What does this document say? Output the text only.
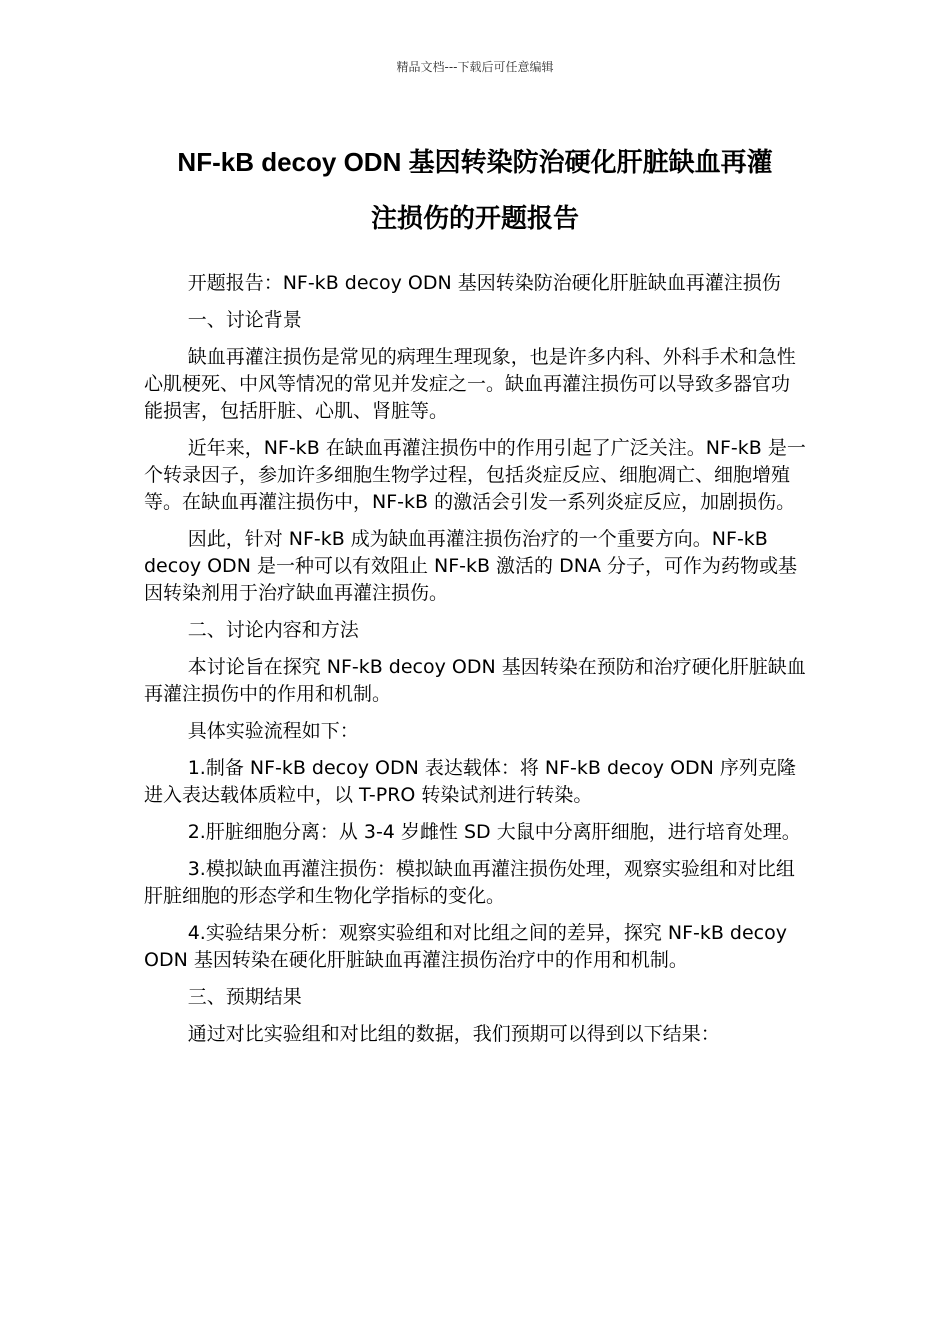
精品文档---下载后可任意编辑
NF-kB decoy ODN 基因转染防治硬化肝脏缺血再灌
注损伤的开题报告

开题报告：NF-kB decoy ODN 基因转染防治硬化肝脏缺血再灌注损伤

一、讨论背景

缺血再灌注损伤是常见的病理生理现象，也是许多内科、外科手术和急性心肌梗死、中风等情况的常见并发症之一。缺血再灌注损伤可以导致多器官功能损害，包括肝脏、心肌、肾脏等。

近年来，NF-kB 在缺血再灌注损伤中的作用引起了广泛关注。NF-kB 是一个转录因子，参加许多细胞生物学过程，包括炎症反应、细胞凋亡、细胞增殖等。在缺血再灌注损伤中，NF-kB 的激活会引发一系列炎症反应，加剧损伤。

因此，针对 NF-kB 成为缺血再灌注损伤治疗的一个重要方向。NF-kB decoy ODN 是一种可以有效阻止 NF-kB 激活的 DNA 分子，可作为药物或基因转染剂用于治疗缺血再灌注损伤。

二、讨论内容和方法

本讨论旨在探究 NF-kB decoy ODN 基因转染在预防和治疗硬化肝脏缺血再灌注损伤中的作用和机制。

具体实验流程如下：

1.制备 NF-kB decoy ODN 表达载体：将 NF-kB decoy ODN 序列克隆进入表达载体质粒中，以 T-PRO 转染试剂进行转染。

2.肝脏细胞分离：从 3-4 岁雌性 SD 大鼠中分离肝细胞，进行培育处理。

3.模拟缺血再灌注损伤：模拟缺血再灌注损伤处理，观察实验组和对比组肝脏细胞的形态学和生物化学指标的变化。

4.实验结果分析：观察实验组和对比组之间的差异，探究 NF-kB decoy ODN 基因转染在硬化肝脏缺血再灌注损伤治疗中的作用和机制。

三、预期结果

通过对比实验组和对比组的数据，我们预期可以得到以下结果：
